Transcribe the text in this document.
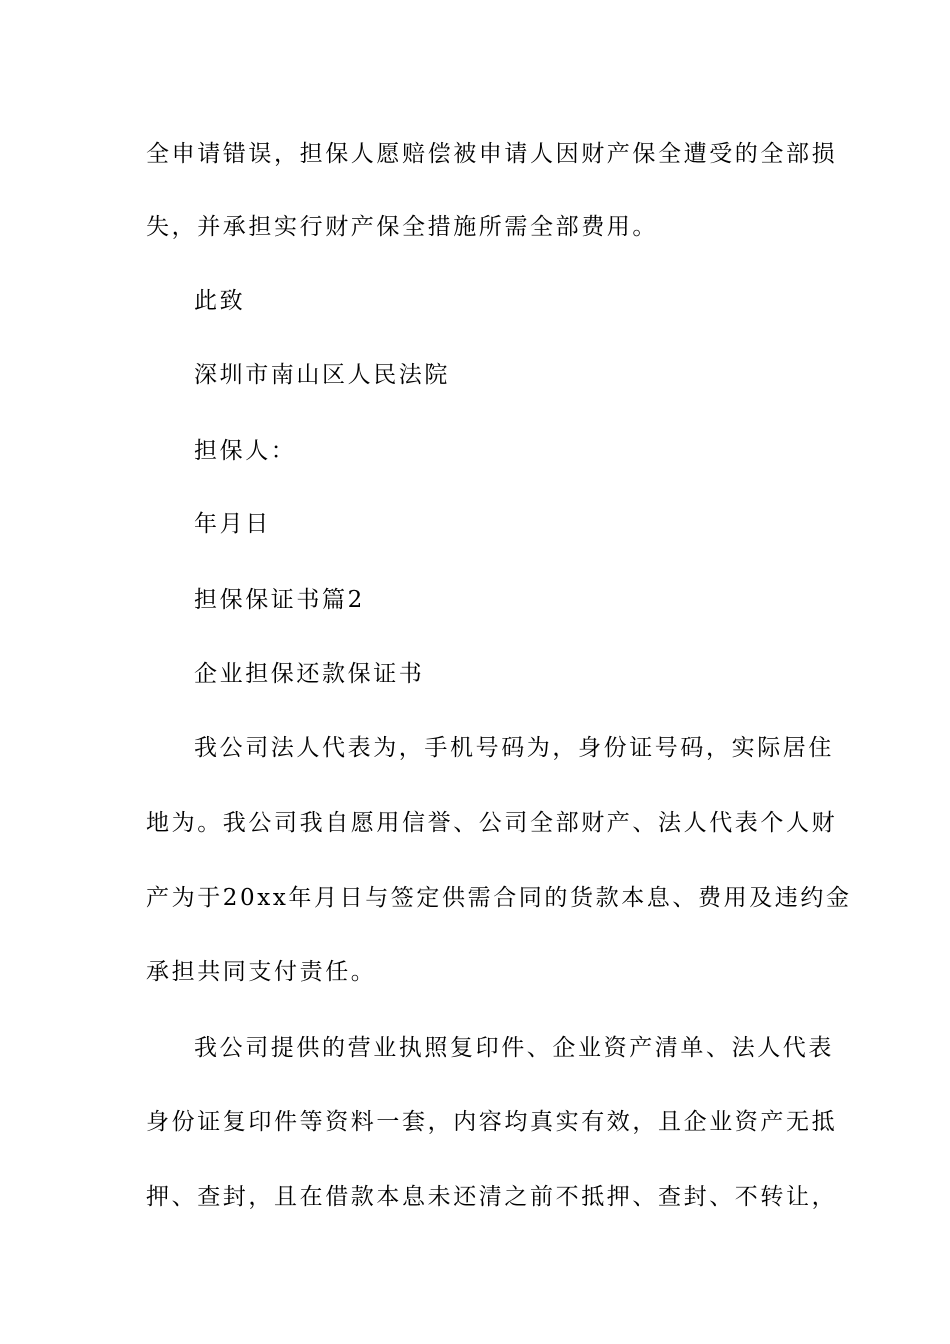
全申请错误，担保人愿赔偿被申请人因财产保全遭受的全部损
失，并承担实行财产保全措施所需全部费用。
此致
深圳市南山区人民法院
担保人：
年月日
担保保证书篇2
企业担保还款保证书
我公司法人代表为，手机号码为，身份证号码，实际居住
地为。我公司我自愿用信誉、公司全部财产、法人代表个人财
产为于20xx年月日与签定供需合同的货款本息、费用及违约金
承担共同支付责任。
我公司提供的营业执照复印件、企业资产清单、法人代表
身份证复印件等资料一套，内容均真实有效，且企业资产无抵
押、查封，且在借款本息未还清之前不抵押、查封、不转让，
